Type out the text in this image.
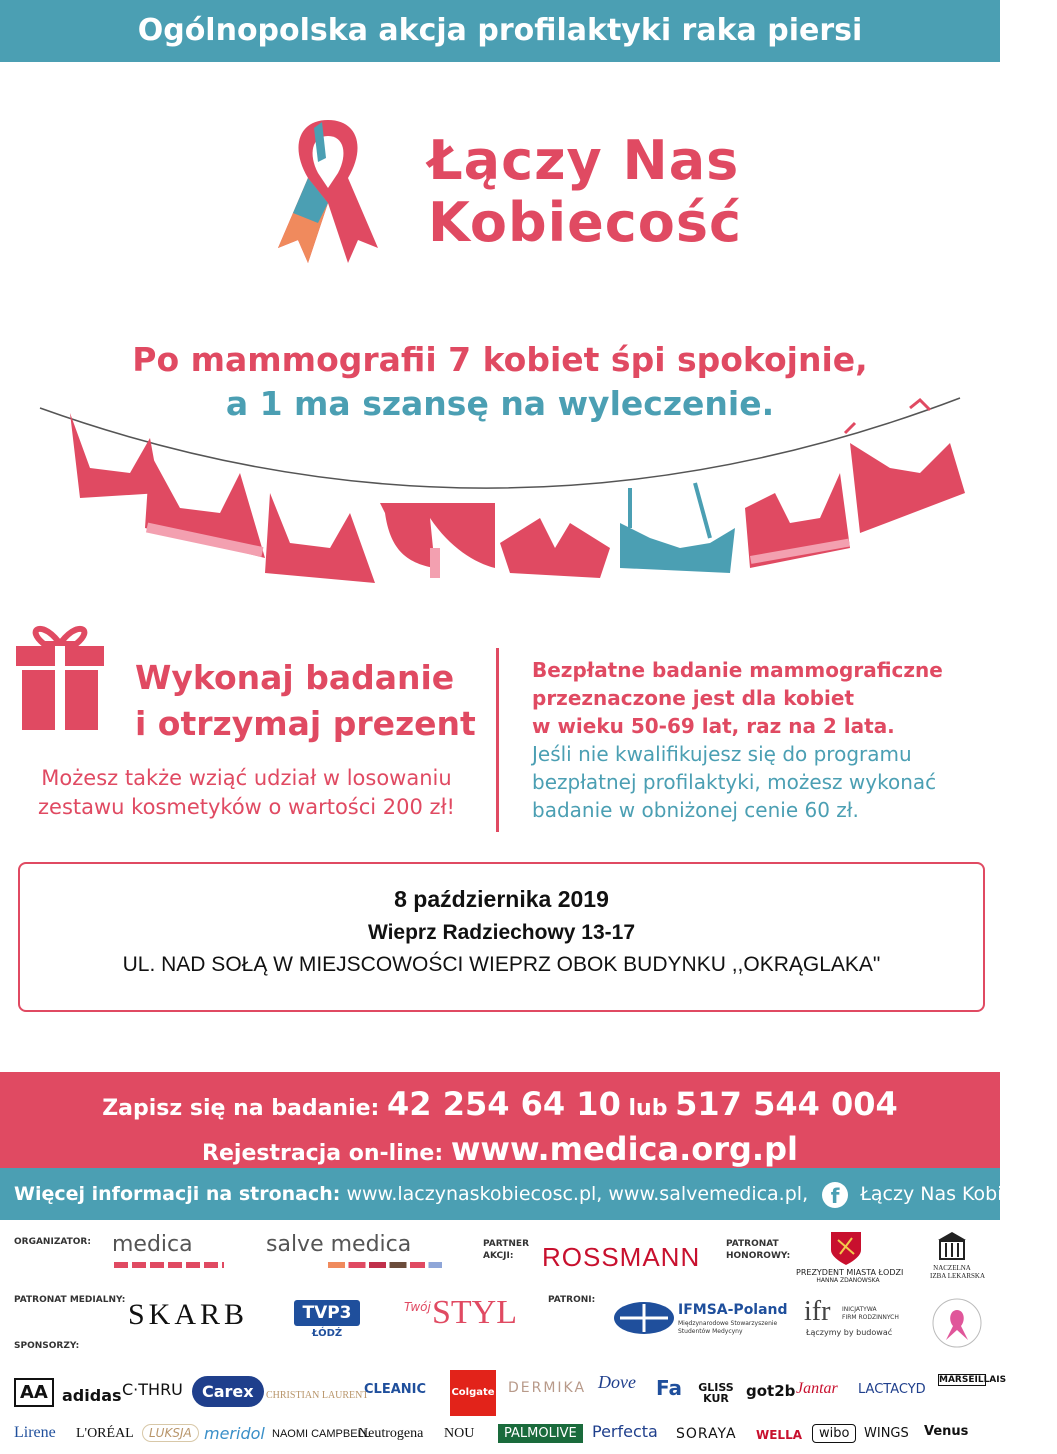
Ogólnopolska akcja profilaktyki raka piersi
Łączy Nas
Kobiecość
Po mammografii 7 kobiet śpi spokojnie,
a 1 ma szansę na wyleczenie.
Wykonaj badanie
i otrzymaj prezent
Możesz także wziąć udział w losowaniu
zestawu kosmetyków o wartości 200 zł!
Bezpłatne badanie mammograficzne
przeznaczone jest dla kobiet
w wieku 50-69 lat, raz na 2 lata.
Jeśli nie kwalifikujesz się do programu
bezpłatnej profilaktyki, możesz wykonać
badanie w obniżonej cenie 60 zł.
8 października 2019
Wieprz Radziechowy 13-17
UL. NAD SOŁĄ W MIEJSCOWOŚCI WIEPRZ OBOK BUDYNKU ,,OKRĄGLAKA"
Zapisz się na badanie: 42 254 64 10 lub 517 544 004
Rejestracja on-line: www.medica.org.pl
Więcej informacji na stronach: www.laczynaskobiecosc.pl, www.salvemedica.pl, f Łączy Nas Kobiecość
ORGANIZATOR: medica	salve medica	PARTNER
AKCJI:	ROSSMANN	PATRONAT
HONOROWY:
PREZYDENT MIASTA ŁODZI
HANNA ZDANOWSKA
NACZELNA
IZBA LEKARSKA
PATRONAT MEDIALNY: SKARB	TVP3
ŁÓDŹ
Twój STYL	PATRONI:
IFMSA-Poland
Międzynarodowe Stowarzyszenie
Studentów Medycyny
ifr INICJATYWA
FIRM RODZINNYCH
Łączymy by budować
SPONSORZY:
AA adidas C·THRU	Carex	CHRISTIAN LAURENT
CLEANIC	Colgate DERMIKA Dove Fa GLISS KUR	got2b Jantar LACTACYD
MARSEILLAIS
Lirene L'ORÉAL	LUKSJA meridol NAOMI CAMPBELL
Neutrogena NOU	PALMOLIVE Perfecta SORAYA WELLA	wibo	WINGS Venus
